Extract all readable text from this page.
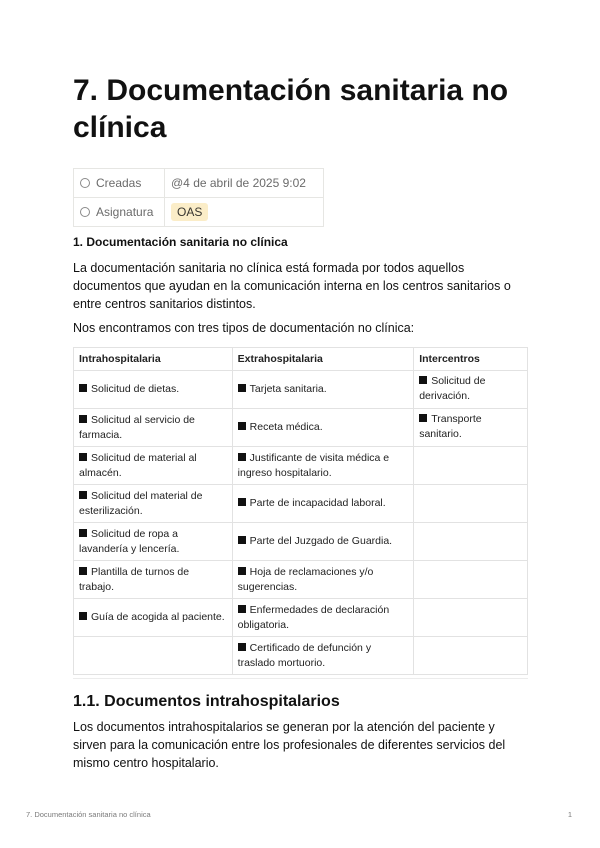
7. Documentación sanitaria no clínica
Creadas	@4 de abril de 2025 9:02
Asignatura	OAS
1. Documentación sanitaria no clínica

La documentación sanitaria no clínica está formada por todos aquellos documentos que ayudan en la comunicación interna en los centros sanitarios o entre centros sanitarios distintos.

Nos encontramos con tres tipos de documentación no clínica:

Intrahospitalaria	Extrahospitalaria	Intercentros
Solicitud de dietas.	Tarjeta sanitaria.	Solicitud de derivación.
Solicitud al servicio de farmacia.	Receta médica.	Transporte sanitario.
Solicitud de material al almacén.	Justificante de visita médica e ingreso hospitalario.	
Solicitud del material de esterilización.	Parte de incapacidad laboral.	
Solicitud de ropa a lavandería y lencería.	Parte del Juzgado de Guardia.	
Plantilla de turnos de trabajo.	Hoja de reclamaciones y/o sugerencias.	
Guía de acogida al paciente.	Enfermedades de declaración obligatoria.	
	Certificado de defunción y traslado mortuorio.	
1.1. Documentos intrahospitalarios

Los documentos intrahospitalarios se generan por la atención del paciente y sirven para la comunicación entre los profesionales de diferentes servicios del mismo centro hospitalario.

7. Documentación sanitaria no clínica	1
